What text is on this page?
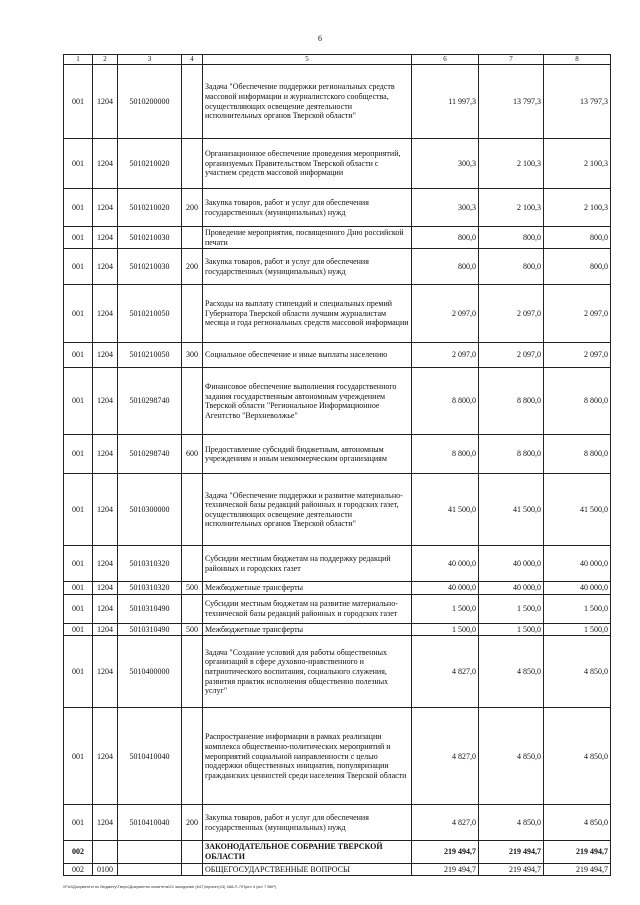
6
1	2	3	4	5	6	7	8
001	1204	5010200000		Задача "Обеспечение поддержки региональных средств массовой информации и журналистского сообщества, осуществляющих освещение деятельности исполнительных органов Тверской области"	11 997,3	13 797,3	13 797,3
001	1204	5010210020		Организационное обеспечение проведения мероприятий, организуемых Правительством Тверской области с участием средств массовой информации	300,3	2 100,3	2 100,3
001	1204	5010210020	200	Закупка товаров, работ и услуг для обеспечения государственных (муниципальных) нужд	300,3	2 100,3	2 100,3
001	1204	5010210030		Проведение мероприятия, посвященного Дню российской печати	800,0	800,0	800,0
001	1204	5010210030	200	Закупка товаров, работ и услуг для обеспечения государственных (муниципальных) нужд	800,0	800,0	800,0
001	1204	5010210050		Расходы на выплату стипендий и специальных премий Губернатора Тверской области лучшим журналистам месяца и года региональных средств массовой информации	2 097,0	2 097,0	2 097,0
001	1204	5010210050	300	Социальное обеспечение и иные выплаты населению	2 097,0	2 097,0	2 097,0
001	1204	5010298740		Финансовое обеспечение выполнения государственного задания государственным автономным учреждением Тверской области "Региональное Информационное Агентство "Верхневолжье"	8 800,0	8 800,0	8 800,0
001	1204	5010298740	600	Предоставление субсидий бюджетным, автономным учреждениям и иным некоммерческим организациям	8 800,0	8 800,0	8 800,0
001	1204	5010300000		Задача "Обеспечение поддержки и развитие материально-технической базы редакций районных и городских газет, осуществляющих освещение деятельности исполнительных органов Тверской области"	41 500,0	41 500,0	41 500,0
001	1204	5010310320		Субсидии местным бюджетам на поддержку редакций районных и городских газет	40 000,0	40 000,0	40 000,0
001	1204	5010310320	500	Межбюджетные трансферты	40 000,0	40 000,0	40 000,0
001	1204	5010310490		Субсидии местным бюджетам на развитие материально-технической базы редакций районных и городских газет	1 500,0	1 500,0	1 500,0
001	1204	5010310490	500	Межбюджетные трансферты	1 500,0	1 500,0	1 500,0
001	1204	5010400000		Задача "Создание условий для работы общественных организаций в сфере духовно-нравственного и патриотического воспитания, социального служения, развития практик исполнения общественно полезных услуг"	4 827,0	4 850,0	4 850,0
001	1204	5010410040		Распространение информации в рамках реализации комплекса общественно-политических мероприятий и мероприятий социальной направленности с целью поддержки общественных инициатив, популяризации гражданских ценностей среди населения Тверской области	4 827,0	4 850,0	4 850,0
001	1204	5010410040	200	Закупка товаров, работ и услуг для обеспечения государственных (муниципальных) нужд	4 827,0	4 850,0	4 850,0
002				ЗАКОНОДАТЕЛЬНОЕ СОБРАНИЕ ТВЕРСКОЙ ОБЛАСТИ	219 494,7	219 494,7	219 494,7
002	0100			ОБЩЕГОСУДАРСТВЕННЫЕ ВОПРОСЫ	219 494,7	219 494,7	219 494,7
\\Fs0\Документы по бюджету\Тверь\Документы комитета\24 заседание (647)\проект(24) 468-П-7\Прил 4 (кнг 7 ВКР)
